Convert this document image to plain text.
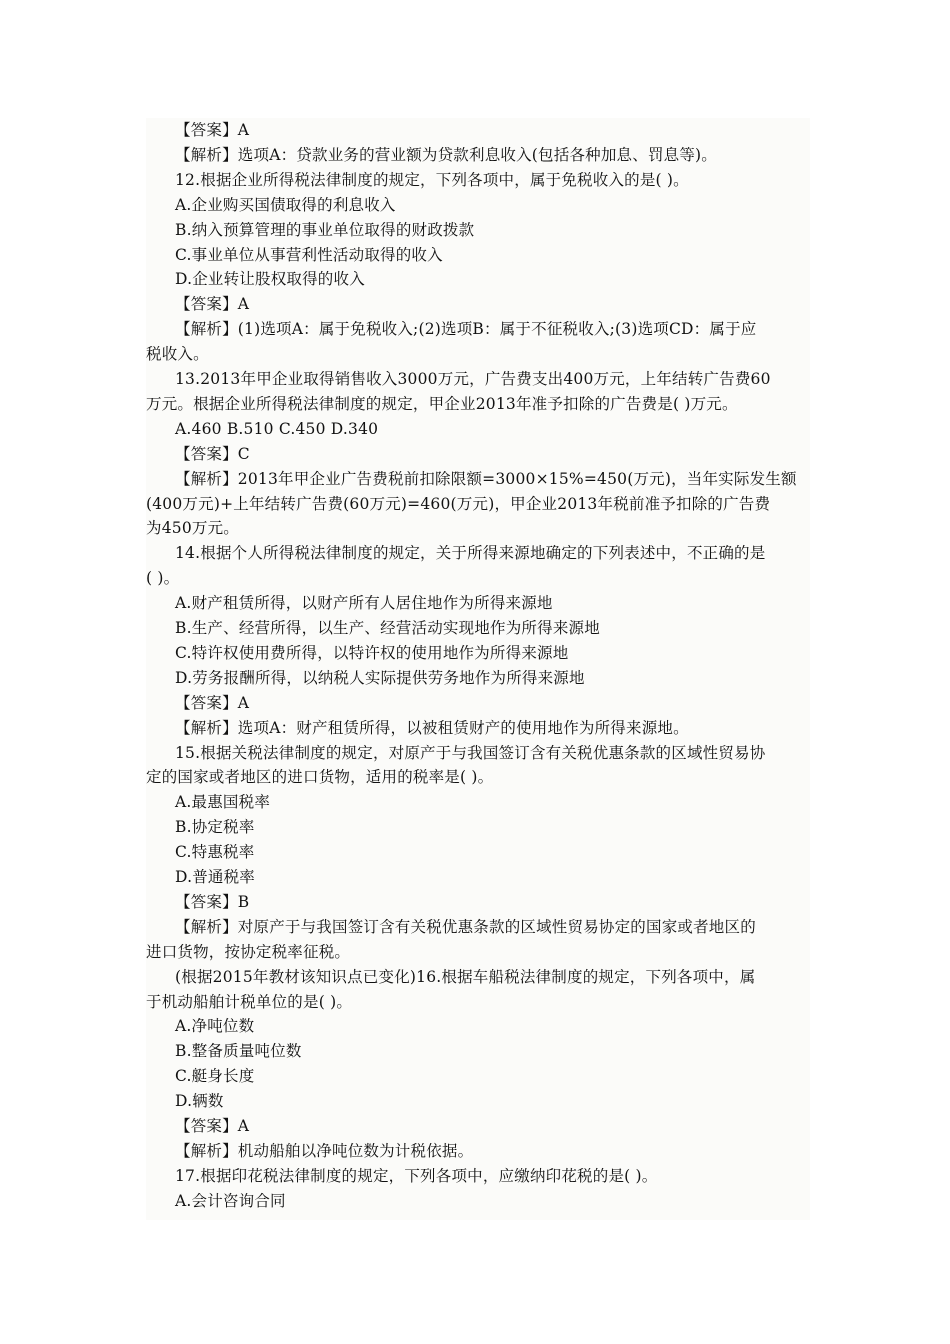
【答案】A
【解析】选项A：贷款业务的营业额为贷款利息收入(包括各种加息、罚息等)。
12.根据企业所得税法律制度的规定，下列各项中，属于免税收入的是( )。
A.企业购买国债取得的利息收入
B.纳入预算管理的事业单位取得的财政拨款
C.事业单位从事营利性活动取得的收入
D.企业转让股权取得的收入
【答案】A
【解析】(1)选项A：属于免税收入;(2)选项B：属于不征税收入;(3)选项CD：属于应
税收入。
13.2013年甲企业取得销售收入3000万元，广告费支出400万元，上年结转广告费60
万元。根据企业所得税法律制度的规定，甲企业2013年准予扣除的广告费是( )万元。
A.460 B.510 C.450 D.340
【答案】C
【解析】2013年甲企业广告费税前扣除限额=3000×15%=450(万元)，当年实际发生额
(400万元)+上年结转广告费(60万元)=460(万元)，甲企业2013年税前准予扣除的广告费
为450万元。
14.根据个人所得税法律制度的规定，关于所得来源地确定的下列表述中，不正确的是
( )。
A.财产租赁所得，以财产所有人居住地作为所得来源地
B.生产、经营所得，以生产、经营活动实现地作为所得来源地
C.特许权使用费所得，以特许权的使用地作为所得来源地
D.劳务报酬所得，以纳税人实际提供劳务地作为所得来源地
【答案】A
【解析】选项A：财产租赁所得，以被租赁财产的使用地作为所得来源地。
15.根据关税法律制度的规定，对原产于与我国签订含有关税优惠条款的区域性贸易协
定的国家或者地区的进口货物，适用的税率是( )。
A.最惠国税率
B.协定税率
C.特惠税率
D.普通税率
【答案】B
【解析】对原产于与我国签订含有关税优惠条款的区域性贸易协定的国家或者地区的
进口货物，按协定税率征税。
(根据2015年教材该知识点已变化)16.根据车船税法律制度的规定，下列各项中，属
于机动船舶计税单位的是( )。
A.净吨位数
B.整备质量吨位数
C.艇身长度
D.辆数
【答案】A
【解析】机动船舶以净吨位数为计税依据。
17.根据印花税法律制度的规定，下列各项中，应缴纳印花税的是( )。
A.会计咨询合同
